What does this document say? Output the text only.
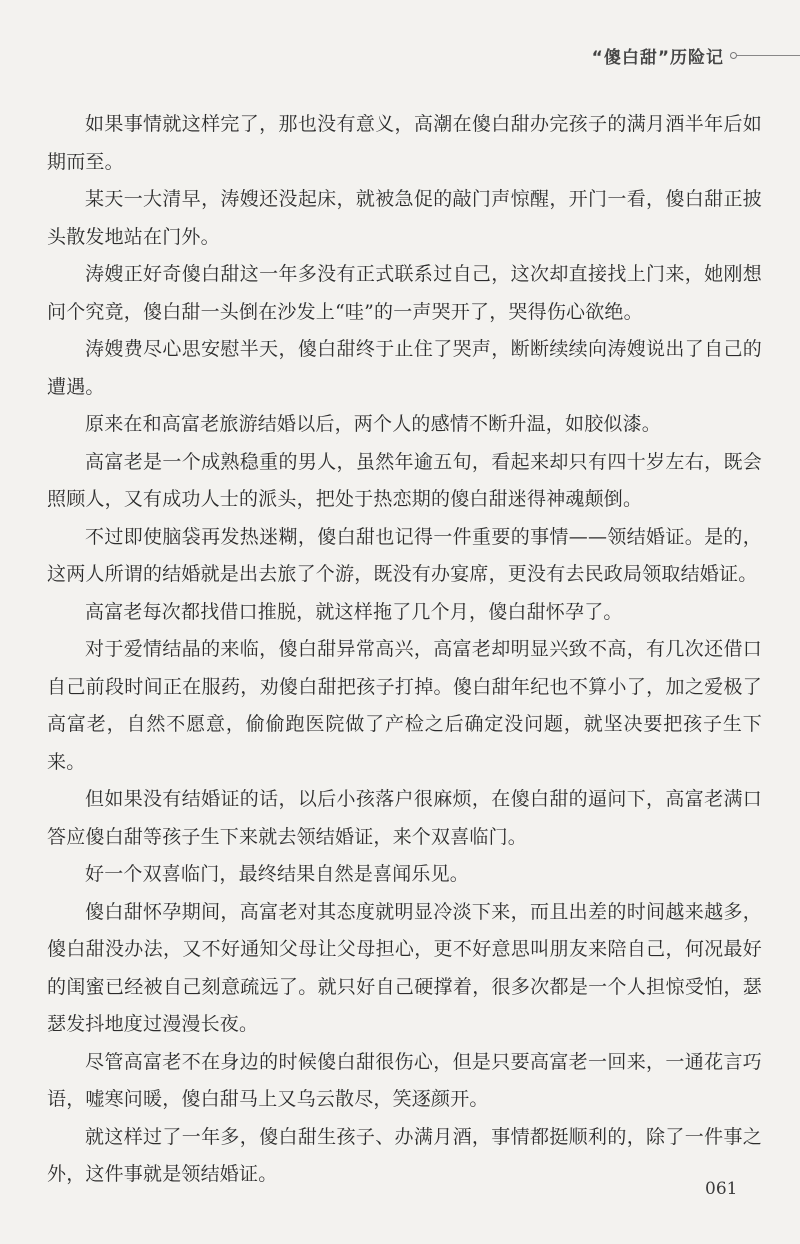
“傻白甜”历险记

如果事情就这样完了，那也没有意义，高潮在傻白甜办完孩子的满月酒半年后如期而至。

某天一大清早，涛嫂还没起床，就被急促的敲门声惊醒，开门一看，傻白甜正披头散发地站在门外。

涛嫂正好奇傻白甜这一年多没有正式联系过自己，这次却直接找上门来，她刚想问个究竟，傻白甜一头倒在沙发上“哇”的一声哭开了，哭得伤心欲绝。

涛嫂费尽心思安慰半天，傻白甜终于止住了哭声，断断续续向涛嫂说出了自己的遭遇。

原来在和高富老旅游结婚以后，两个人的感情不断升温，如胶似漆。

高富老是一个成熟稳重的男人，虽然年逾五旬，看起来却只有四十岁左右，既会照顾人，又有成功人士的派头，把处于热恋期的傻白甜迷得神魂颠倒。

不过即使脑袋再发热迷糊，傻白甜也记得一件重要的事情——领结婚证。是的，这两人所谓的结婚就是出去旅了个游，既没有办宴席，更没有去民政局领取结婚证。

高富老每次都找借口推脱，就这样拖了几个月，傻白甜怀孕了。

对于爱情结晶的来临，傻白甜异常高兴，高富老却明显兴致不高，有几次还借口自己前段时间正在服药，劝傻白甜把孩子打掉。傻白甜年纪也不算小了，加之爱极了高富老，自然不愿意，偷偷跑医院做了产检之后确定没问题，就坚决要把孩子生下来。

但如果没有结婚证的话，以后小孩落户很麻烦，在傻白甜的逼问下，高富老满口答应傻白甜等孩子生下来就去领结婚证，来个双喜临门。

好一个双喜临门，最终结果自然是喜闻乐见。

傻白甜怀孕期间，高富老对其态度就明显冷淡下来，而且出差的时间越来越多，傻白甜没办法，又不好通知父母让父母担心，更不好意思叫朋友来陪自己，何况最好的闺蜜已经被自己刻意疏远了。就只好自己硬撑着，很多次都是一个人担惊受怕，瑟瑟发抖地度过漫漫长夜。

尽管高富老不在身边的时候傻白甜很伤心，但是只要高富老一回来，一通花言巧语，嘘寒问暖，傻白甜马上又乌云散尽，笑逐颜开。

就这样过了一年多，傻白甜生孩子、办满月酒，事情都挺顺利的，除了一件事之外，这件事就是领结婚证。

061
